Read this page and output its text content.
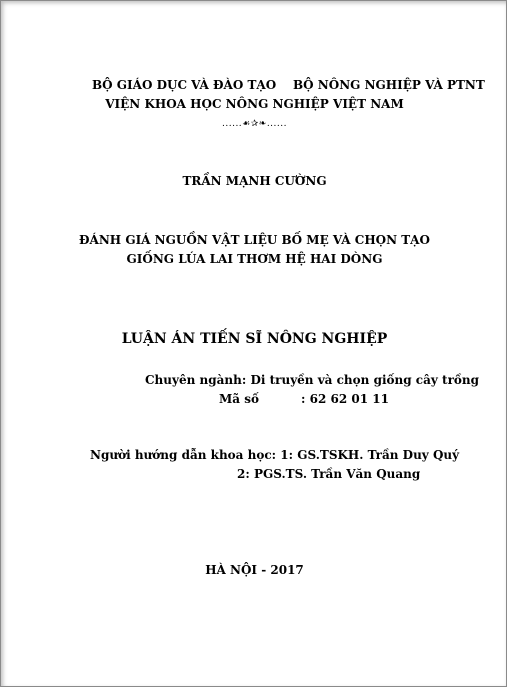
BỘ GIÁO DỤC VÀ ĐÀO TẠO BỘ NÔNG NGHIỆP VÀ PTNT
VIỆN KHOA HỌC NÔNG NGHIỆP VIỆT NAM
......☙✰❧......
TRẦN MẠNH CƯỜNG
ĐÁNH GIÁ NGUỒN VẬT LIỆU BỐ MẸ VÀ CHỌN TẠO
GIỐNG LÚA LAI THƠM HỆ HAI DÒNG
LUẬN ÁN TIẾN SĨ NÔNG NGHIỆP
Chuyên ngành: Di truyền và chọn giống cây trồng
Mã số	: 62 62 01 11
Người hướng dẫn khoa học: 1: GS.TSKH. Trần Duy Quý
2: PGS.TS. Trần Văn Quang
HÀ NỘI - 2017
